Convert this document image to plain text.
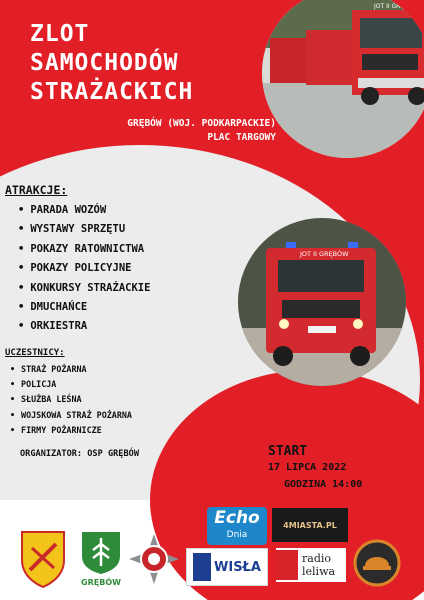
ZLOT
SAMOCHODÓW
STRAŻACKICH
GRĘBÓW (WOJ. PODKARPACKIE)
PLAC TARGOWY
JOT II GRĘBÓW
JOT II GRĘBÓW
ATRAKCJE:
• PARADA WOZÓW
• WYSTAWY SPRZĘTU
• POKAZY RATOWNICTWA
• POKAZY POLICYJNE
• KONKURSY STRAŻACKIE
• DMUCHAŃCE
• ORKIESTRA
UCZESTNICY:
• STRAŻ POŻARNA
• POLICJA
• SŁUŻBA LEŚNA
• WOJSKOWA STRAŻ POŻARNA
• FIRMY POŻARNICZE
ORGANIZATOR: OSP GRĘBÓW	START
17 LIPCA 2022
GODZINA 14:00
GRĘBÓW
Echo
Dnia
4MIASTA.PL
WISŁA
radio
leliwa
